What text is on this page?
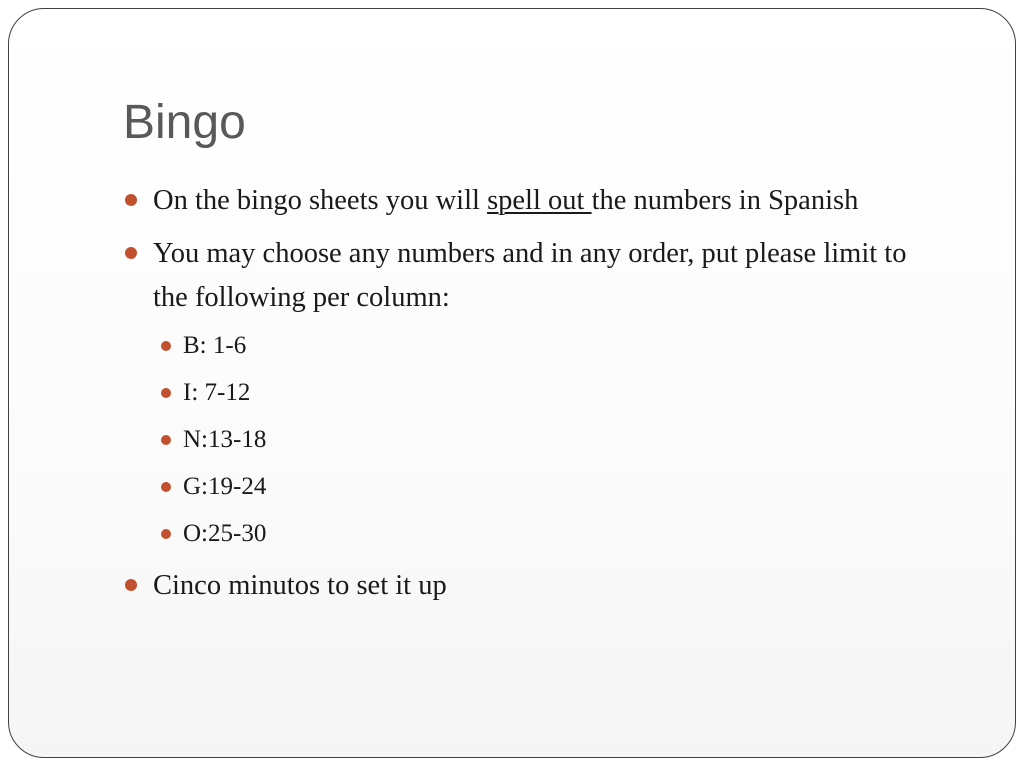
Bingo
On the bingo sheets you will spell out the numbers in Spanish
You may choose any numbers and in any order, put please limit to the following per column:
B: 1-6
I: 7-12
N:13-18
G:19-24
O:25-30
Cinco minutos to set it up
